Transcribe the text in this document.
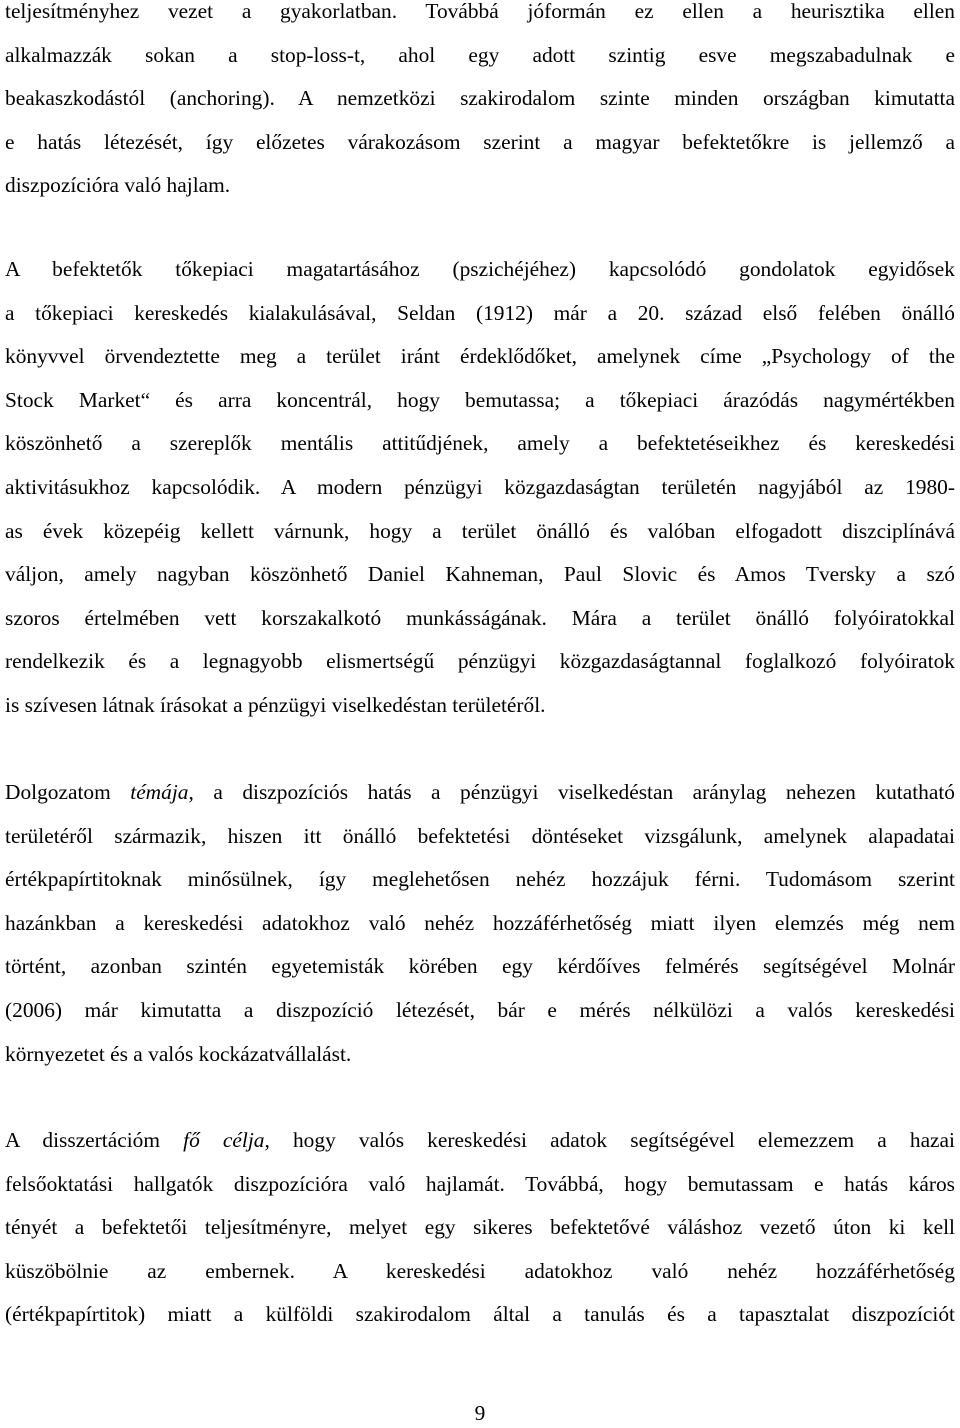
teljesítményhez vezet a gyakorlatban. Továbbá jóformán ez ellen a heurisztika ellen
alkalmazzák sokan a stop-loss-t, ahol egy adott szintig esve megszabadulnak e
beakaszkodástól (anchoring). A nemzetközi szakirodalom szinte minden országban kimutatta
e hatás létezését, így előzetes várakozásom szerint a magyar befektetőkre is jellemző a
diszpozícióra való hajlam.
A befektetők tőkepiaci magatartásához (pszichéjéhez) kapcsolódó gondolatok egyidősek
a tőkepiaci kereskedés kialakulásával, Seldan (1912) már a 20. század első felében önálló
könyvvel örvendeztette meg a terület iránt érdeklődőket, amelynek címe „Psychology of the
Stock Market“ és arra koncentrál, hogy bemutassa; a tőkepiaci árazódás nagymértékben
köszönhető a szereplők mentális attitűdjének, amely a befektetéseikhez és kereskedési
aktivitásukhoz kapcsolódik. A modern pénzügyi közgazdaságtan területén nagyjából az 1980-
as évek közepéig kellett várnunk, hogy a terület önálló és valóban elfogadott diszciplínává
váljon, amely nagyban köszönhető Daniel Kahneman, Paul Slovic és Amos Tversky a szó
szoros értelmében vett korszakalkotó munkásságának. Mára a terület önálló folyóiratokkal
rendelkezik és a legnagyobb elismertségű pénzügyi közgazdaságtannal foglalkozó folyóiratok
is szívesen látnak írásokat a pénzügyi viselkedéstan területéről.
Dolgozatom témája, a diszpozíciós hatás a pénzügyi viselkedéstan aránylag nehezen kutatható
területéről származik, hiszen itt önálló befektetési döntéseket vizsgálunk, amelynek alapadatai
értékpapírtitoknak minősülnek, így meglehetősen nehéz hozzájuk férni. Tudomásom szerint
hazánkban a kereskedési adatokhoz való nehéz hozzáférhetőség miatt ilyen elemzés még nem
történt, azonban szintén egyetemisták körében egy kérdőíves felmérés segítségével Molnár
(2006) már kimutatta a diszpozíció létezését, bár e mérés nélkülözi a valós kereskedési
környezetet és a valós kockázatvállalást.
A disszertációm fő célja, hogy valós kereskedési adatok segítségével elemezzem a hazai
felsőoktatási hallgatók diszpozícióra való hajlamát. Továbbá, hogy bemutassam e hatás káros
tényét a befektetői teljesítményre, melyet egy sikeres befektetővé váláshoz vezető úton ki kell
küszöbölnie az embernek. A kereskedési adatokhoz való nehéz hozzáférhetőség
(értékpapírtitok) miatt a külföldi szakirodalom által a tanulás és a tapasztalat diszpozíciót
9
